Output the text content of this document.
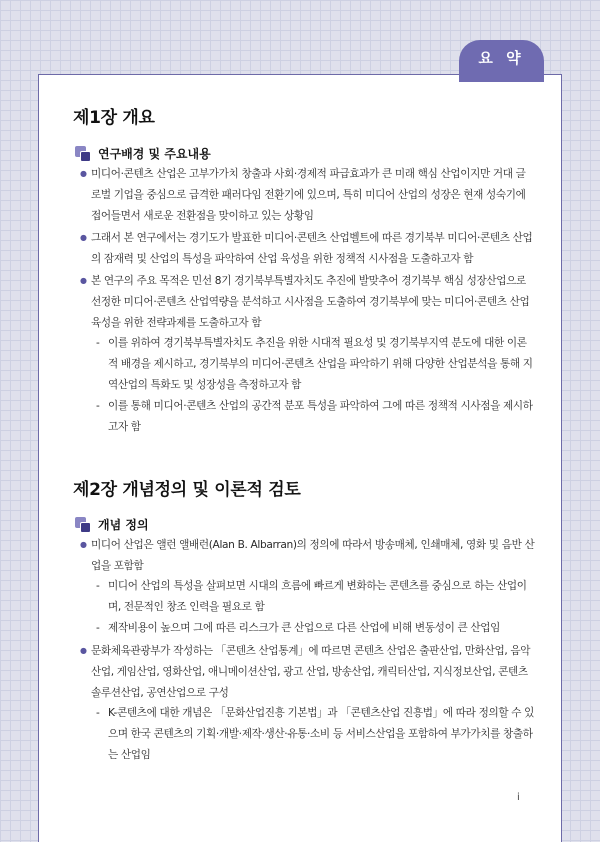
요 약
제1장 개요
연구배경 및 주요내용
● 미디어·콘텐츠 산업은 고부가가치 창출과 사회·경제적 파급효과가 큰 미래 핵심 산업이지만 거대 글로벌 기업을 중심으로 급격한 패러다임 전환기에 있으며, 특히 미디어 산업의 성장은 현재 성숙기에 접어들면서 새로운 전환점을 맞이하고 있는 상황임
● 그래서 본 연구에서는 경기도가 발표한 미디어·콘텐츠 산업벨트에 따른 경기북부 미디어·콘텐츠 산업의 잠재력 및 산업의 특성을 파악하여 산업 육성을 위한 정책적 시사점을 도출하고자 함
● 본 연구의 주요 목적은 민선 8기 경기북부특별자치도 추진에 발맞추어 경기북부 핵심 성장산업으로 선정한 미디어·콘텐츠 산업역량을 분석하고 시사점을 도출하여 경기북부에 맞는 미디어·콘텐츠 산업 육성을 위한 전략과제를 도출하고자 함
- 이를 위하여 경기북부특별자치도 추진을 위한 시대적 필요성 및 경기북부지역 분도에 대한 이론적 배경을 제시하고, 경기북부의 미디어·콘텐츠 산업을 파악하기 위해 다양한 산업분석을 통해 지역산업의 특화도 및 성장성을 측정하고자 함
- 이를 통해 미디어·콘텐츠 산업의 공간적 분포 특성을 파악하여 그에 따른 정책적 시사점을 제시하고자 함
제2장 개념정의 및 이론적 검토
개념 정의
● 미디어 산업은 앨런 앨배런(Alan B. Albarran)의 정의에 따라서 방송매체, 인쇄매체, 영화 및 음반 산업을 포함함
- 미디어 산업의 특성을 살펴보면 시대의 흐름에 빠르게 변화하는 콘텐츠를 중심으로 하는 산업이며, 전문적인 창조 인력을 필요로 함
- 제작비용이 높으며 그에 따른 리스크가 큰 산업으로 다른 산업에 비해 변동성이 큰 산업임
● 문화체육관광부가 작성하는 「콘텐츠 산업통계」에 따르면 콘텐츠 산업은 출판산업, 만화산업, 음악산업, 게임산업, 영화산업, 애니메이션산업, 광고 산업, 방송산업, 캐릭터산업, 지식정보산업, 콘텐츠솔루션산업, 공연산업으로 구성
- K-콘텐츠에 대한 개념은 「문화산업진흥 기본법」과 「콘텐츠산업 진흥법」에 따라 정의할 수 있으며 한국 콘텐츠의 기획·개발·제작·생산·유통·소비 등 서비스산업을 포함하여 부가가치를 창출하는 산업임
i
